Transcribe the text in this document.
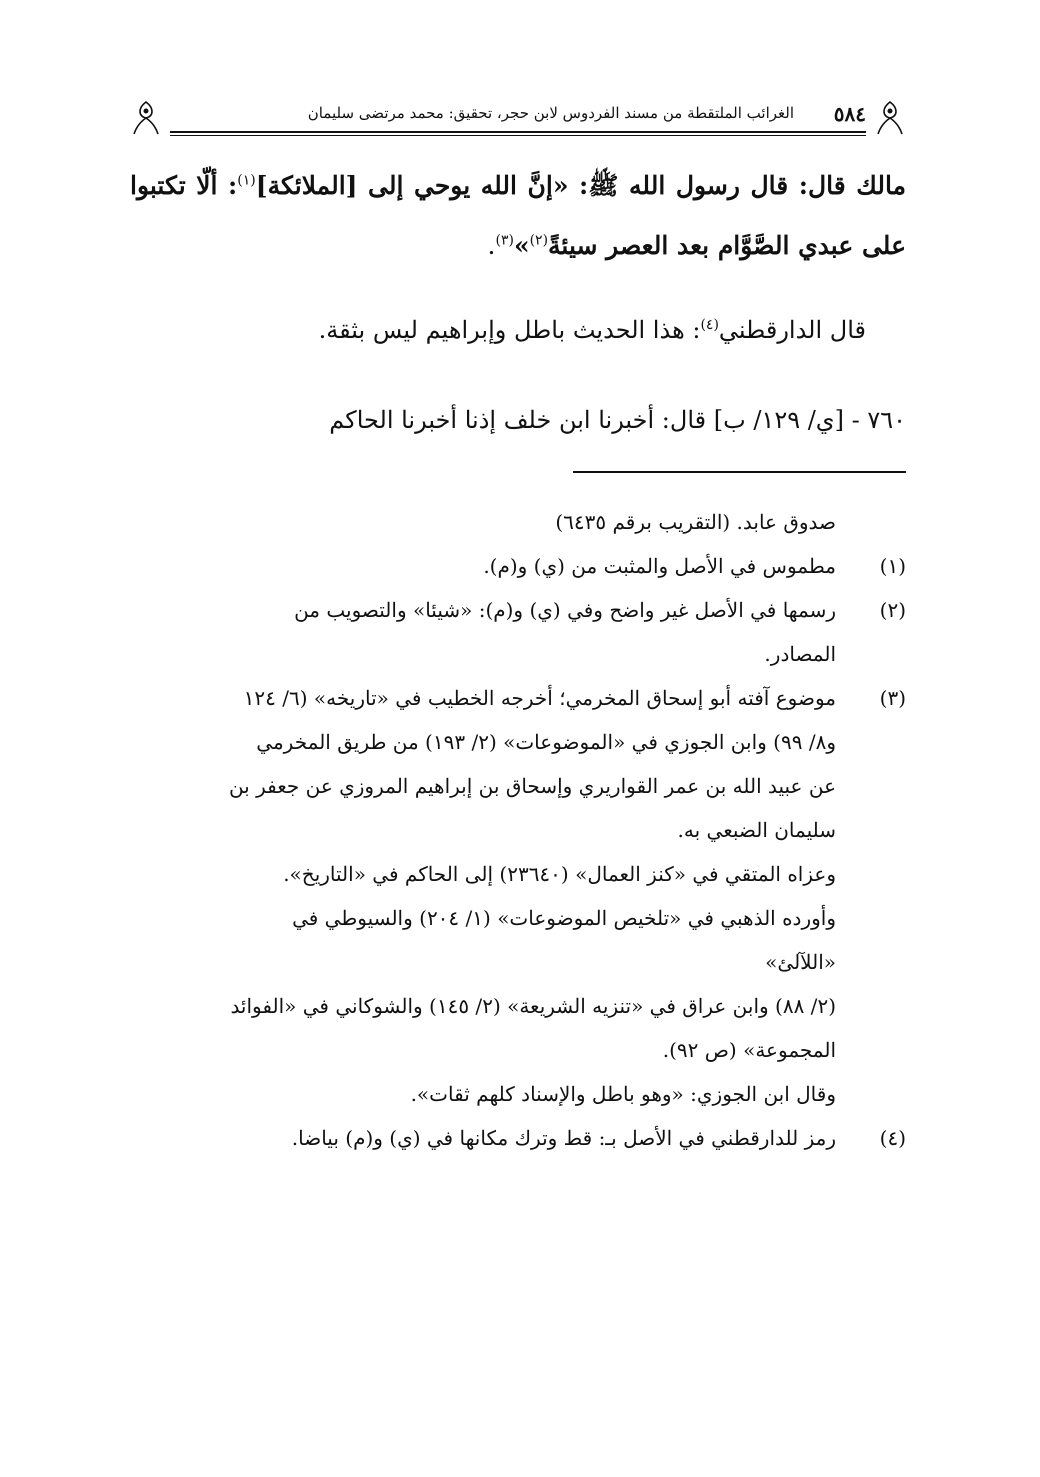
٥٨٤
الغرائب الملتقطة من مسند الفردوس لابن حجر، تحقيق: محمد مرتضى سليمان
مالك قال: قال رسول الله ﷺ: «إنَّ الله يوحي إلى [الملائكة]$^{(١)}$: ألّا تكتبوا على عبدي الصَّوَّام بعد العصر سيئةً$^{(٢)}$»$^{(٣)}$.
قال الدارقطني$^{(٤)}$: هذا الحديث باطل وإبراهيم ليس بثقة.
٧٦٠ - [ي/ ١٢٩/ ب] قال: أخبرنا ابن خلف إذنا أخبرنا الحاكم
صدوق عابد. (التقريب برقم ٦٤٣٥)
(١)
مطموس في الأصل والمثبت من (ي) و(م).
(٢)
رسمها في الأصل غير واضح وفي (ي) و(م): «شيئا» والتصويب من
المصادر.
(٣)
موضوع آفته أبو إسحاق المخرمي؛ أخرجه الخطيب في «تاريخه» (٦/ ١٢٤
و٨/ ٩٩) وابن الجوزي في «الموضوعات» (٢/ ١٩٣) من طريق المخرمي
عن عبيد الله بن عمر القواريري وإسحاق بن إبراهيم المروزي عن جعفر بن
سليمان الضبعي به.
وعزاه المتقي في «كنز العمال» (٢٣٦٤٠) إلى الحاكم في «التاريخ».
وأورده الذهبي في «تلخيص الموضوعات» (١/ ٢٠٤) والسيوطي في
«اللآلئ»
(٢/ ٨٨) وابن عراق في «تنزيه الشريعة» (٢/ ١٤٥) والشوكاني في «الفوائد
المجموعة» (ص ٩٢).
وقال ابن الجوزي: «وهو باطل والإسناد كلهم ثقات».
(٤)
رمز للدارقطني في الأصل بـ: قط وترك مكانها في (ي) و(م) بياضا.
